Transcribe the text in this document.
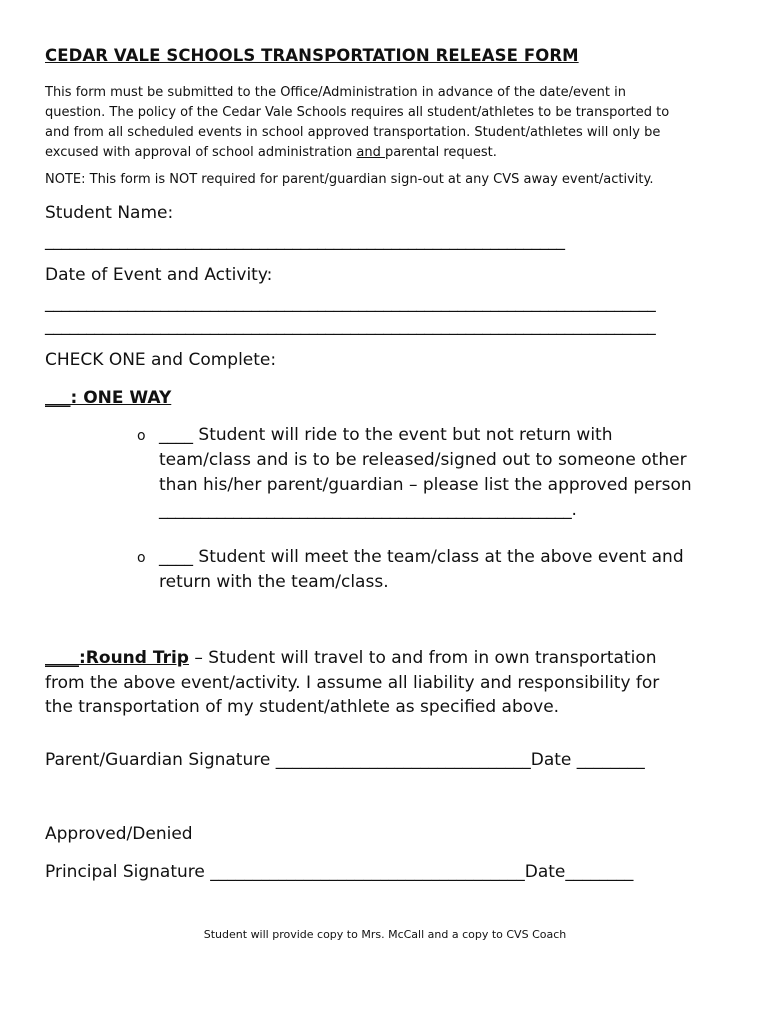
CEDAR VALE SCHOOLS TRANSPORTATION RELEASE FORM

This form must be submitted to the Office/Administration in advance of the date/event in

question. The policy of the Cedar Vale Schools requires all student/athletes to be transported to

and from all scheduled events in school approved transportation. Student/athletes will only be

excused with approval of school administration and parental request.

NOTE: This form is NOT required for parent/guardian sign-out at any CVS away event/activity.
Student Name:
_______________________________________________________________
Date of Event and Activity:
__________________________________________________________________________
__________________________________________________________________________
CHECK ONE and Complete:
___: ONE WAY
o ____ Student will ride to the event but not return with

team/class and is to be released/signed out to someone other

than his/her parent/guardian – please list the approved person

__________________________________________________.

o ____ Student will meet the team/class at the above event and

return with the team/class.

____:Round Trip – Student will travel to and from in own transportation

from the above event/activity. I assume all liability and responsibility for

the transportation of my student/athlete as specified above.

Parent/Guardian Signature ______________________________Date ________
Approved/Denied
Principal Signature _____________________________________Date________
Student will provide copy to Mrs. McCall and a copy to CVS Coach
